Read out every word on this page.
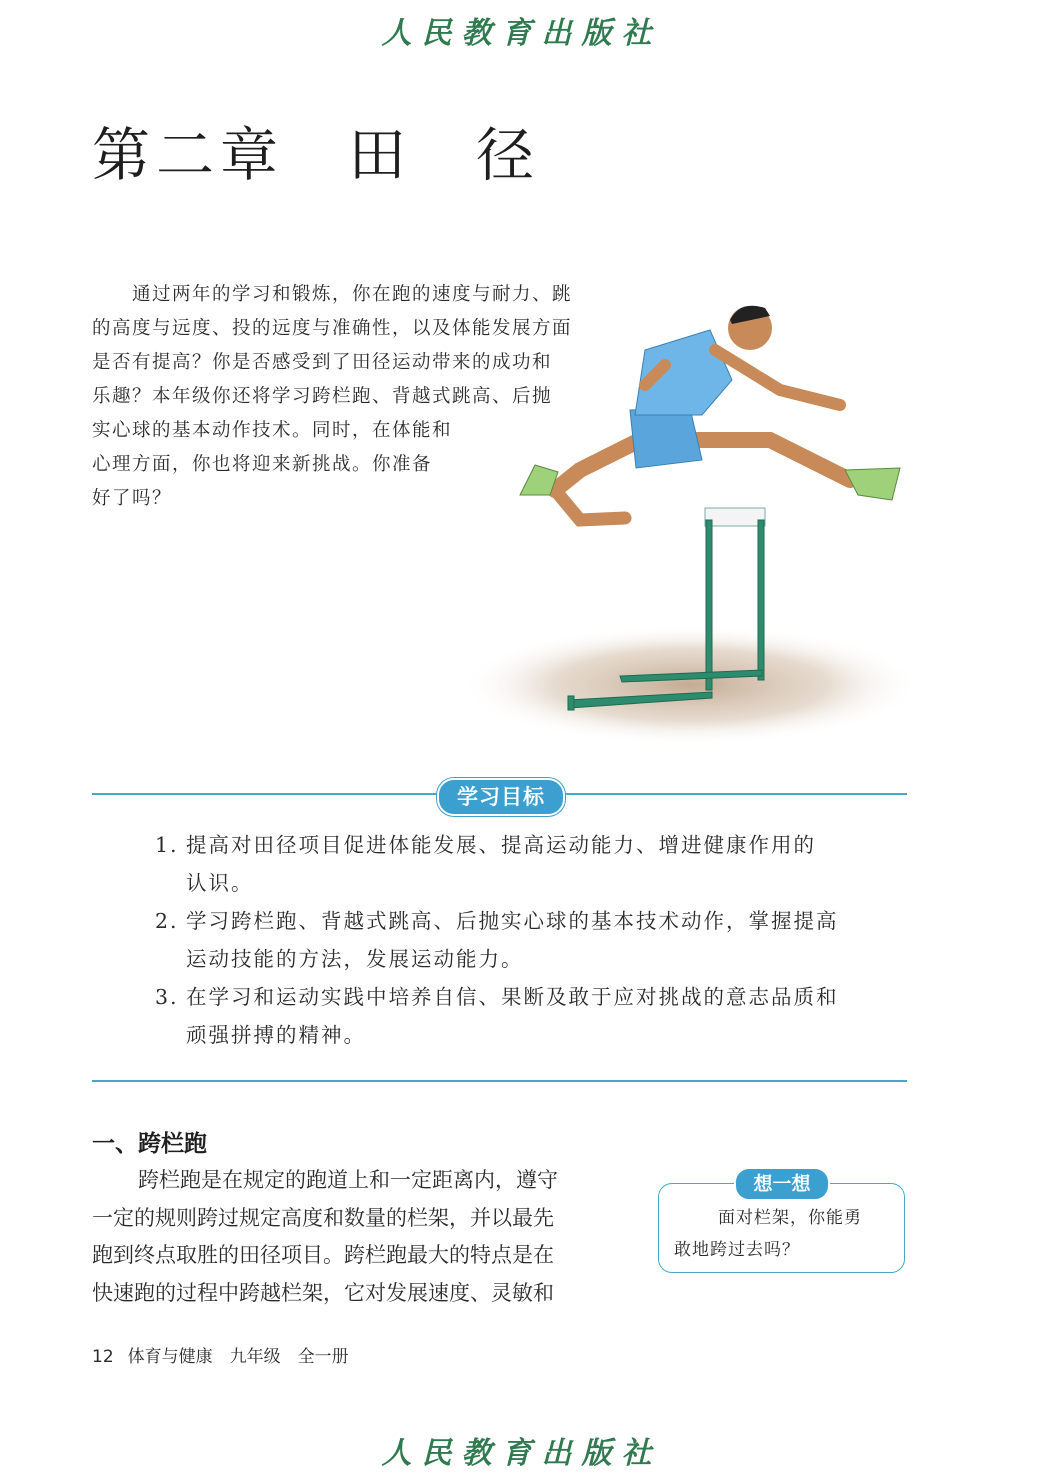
人民教育出版社
第二章　田　径
通过两年的学习和锻炼，你在跑的速度与耐力、跳
的高度与远度、投的远度与准确性，以及体能发展方面
是否有提高？你是否感受到了田径运动带来的成功和
乐趣？本年级你还将学习跨栏跑、背越式跳高、后抛
实心球的基本动作技术。同时，在体能和
心理方面，你也将迎来新挑战。你准备
好了吗？
学习目标
1. 提高对田径项目促进体能发展、提高运动能力、增进健康作用的
认识。
2. 学习跨栏跑、背越式跳高、后抛实心球的基本技术动作，掌握提高
运动技能的方法，发展运动能力。
3. 在学习和运动实践中培养自信、果断及敢于应对挑战的意志品质和
顽强拼搏的精神。
一、跨栏跑
跨栏跑是在规定的跑道上和一定距离内，遵守
一定的规则跨过规定高度和数量的栏架，并以最先
跑到终点取胜的田径项目。跨栏跑最大的特点是在
快速跑的过程中跨越栏架，它对发展速度、灵敏和
想一想
面对栏架，你能勇
敢地跨过去吗？
12 体育与健康　九年级　全一册
人民教育出版社
